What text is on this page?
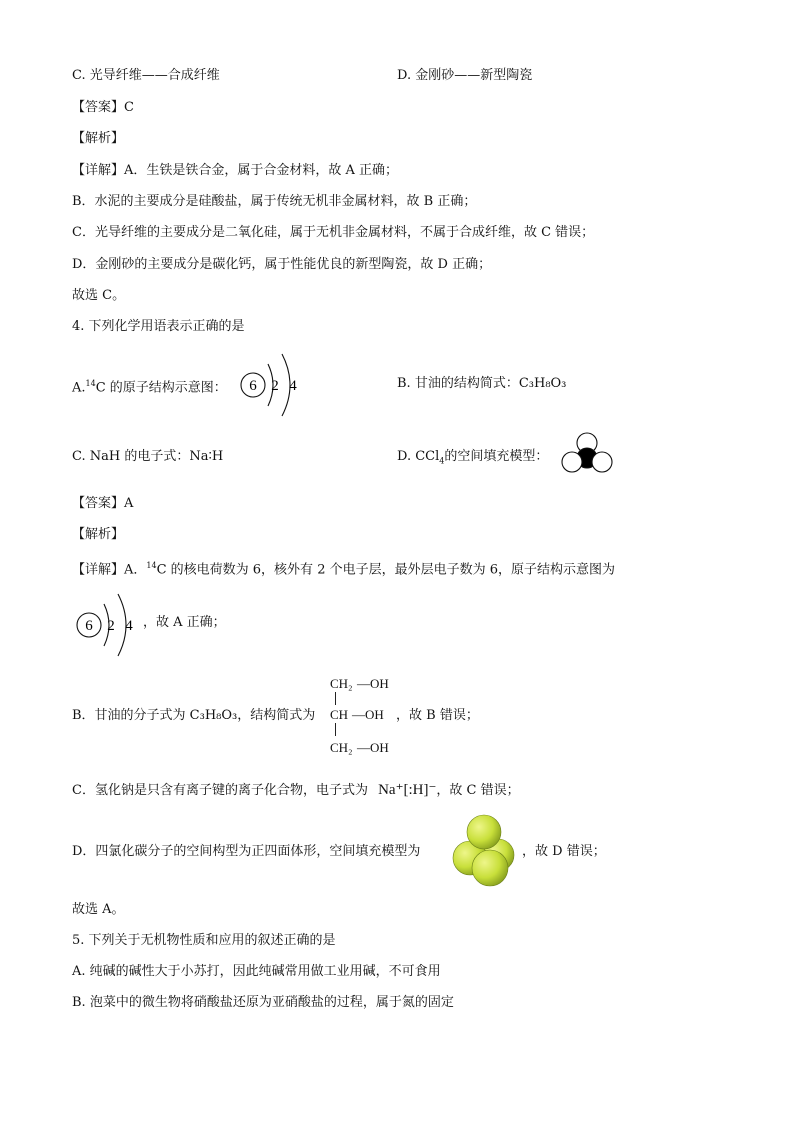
C. 光导纤维——合成纤维	D. 金刚砂——新型陶瓷
【答案】C
【解析】
【详解】A．生铁是铁合金，属于合金材料，故 A 正确；
B．水泥的主要成分是硅酸盐，属于传统无机非金属材料，故 B 正确；
C．光导纤维的主要成分是二氧化硅，属于无机非金属材料，不属于合成纤维，故 C 错误；
D．金刚砂的主要成分是碳化钙，属于性能优良的新型陶瓷，故 D 正确；
故选 C。
4. 下列化学用语表示正确的是
A.$^{14}$C 的原子结构示意图： 6 2 4	B. 甘油的结构简式：C₃H₈O₃
C. NaH 的电子式：Na∶H	D. CCl$_4$的空间填充模型：
【答案】A
【解析】
【详解】A．$^{14}$C 的核电荷数为 6，核外有 2 个电子层，最外层电子数为 6，原子结构示意图为
6 2 4 ，故 A 正确；
B．甘油的分子式为 C₃H₈O₃，结构简式为
CH₂ —OH
CH —OH
CH₂ —OH
，故 B 错误；
C．氢化钠是只含有离子键的离子化合物，电子式为 Na⁺[:H]⁻，故 C 错误；
D．四氯化碳分子的空间构型为正四面体形，空间填充模型为	，故 D 错误；
故选 A。
5. 下列关于无机物性质和应用的叙述正确的是
A. 纯碱的碱性大于小苏打，因此纯碱常用做工业用碱，不可食用
B. 泡菜中的微生物将硝酸盐还原为亚硝酸盐的过程，属于氮的固定
